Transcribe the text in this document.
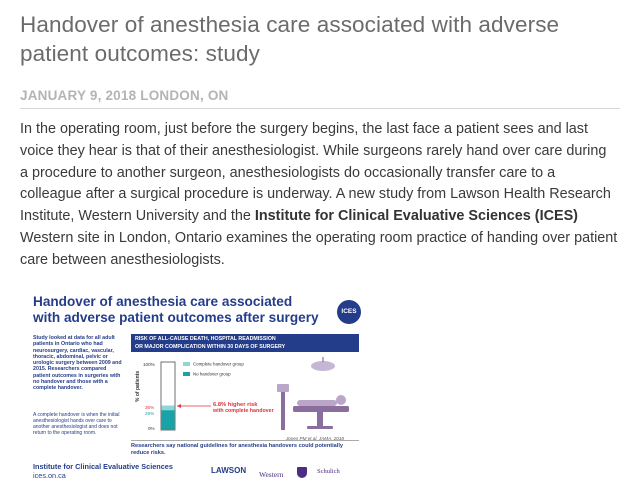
Handover of anesthesia care associated with adverse patient outcomes: study
JANUARY 9, 2018 LONDON, ON
In the operating room, just before the surgery begins, the last face a patient sees and last voice they hear is that of their anesthesiologist. While surgeons rarely hand over care during a procedure to another surgeon, anesthesiologists do occasionally transfer care to a colleague after a surgical procedure is underway. A new study from Lawson Health Research Institute, Western University and the Institute for Clinical Evaluative Sciences (ICES) Western site in London, Ontario examines the operating room practice of handing over patient care between anesthesiologists.
Handover of anesthesia care associated with adverse patient outcomes after surgery	ICES
Study looked at data for all adult patients in Ontario who had neurosurgery, cardiac, vascular, thoracic, abdominal, pelvic or urologic surgery between 2009 and 2015. Researchers compared patient outcomes in surgeries with no handover and those with a complete handover.
A complete handover is when the initial anesthesiologist hands over care to another anesthesiologist and does not return to the operating room.
RISK OF ALL-CAUSE DEATH, HOSPITAL READMISSION
OR MAJOR COMPLICATION WITHIN 30 DAYS OF SURGERY
% of patients
100%
36%
29%
0%
Complete handover group
No handover group
6.8% higher risk
with complete handover
Jones PM et al. JAMA. 2018
Researchers say national guidelines for anesthesia handovers could potentially reduce risks.
Institute for Clinical Evaluative Sciences
ices.on.ca
LAWSON Western	Schulich
